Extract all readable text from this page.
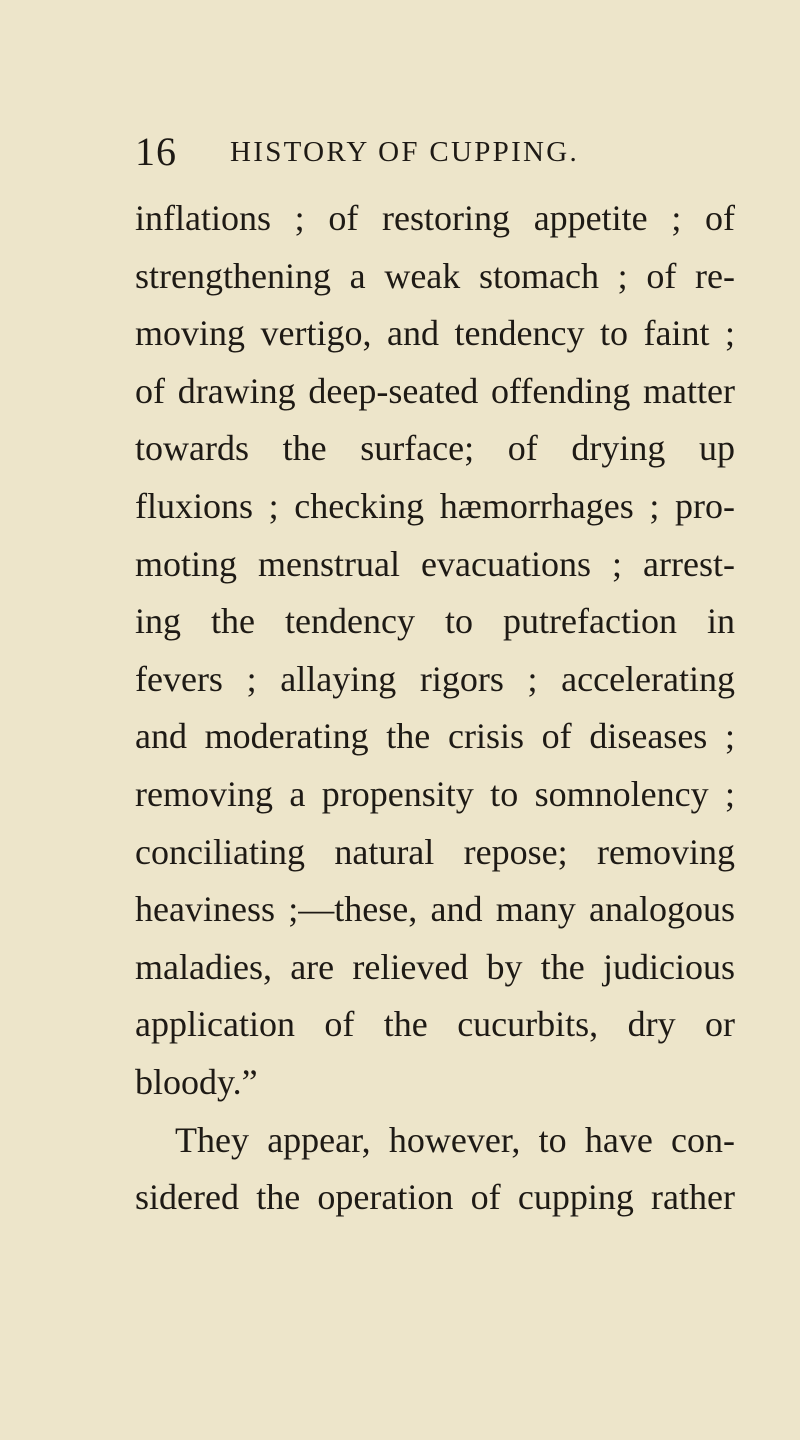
16 HISTORY OF CUPPING.
inflations ; of restoring appetite ; of
strengthening a weak stomach ; of re-
moving vertigo, and tendency to faint ;
of drawing deep-seated offending matter
towards the surface; of drying up
fluxions ; checking hæmorrhages ; pro-
moting menstrual evacuations ; arrest-
ing the tendency to putrefaction in
fevers ; allaying rigors ; accelerating
and moderating the crisis of diseases ;
removing a propensity to somnolency ;
conciliating natural repose; removing
heaviness ;—these, and many analogous
maladies, are relieved by the judicious
application of the cucurbits, dry or
bloody.”
They appear, however, to have con-
sidered the operation of cupping rather
